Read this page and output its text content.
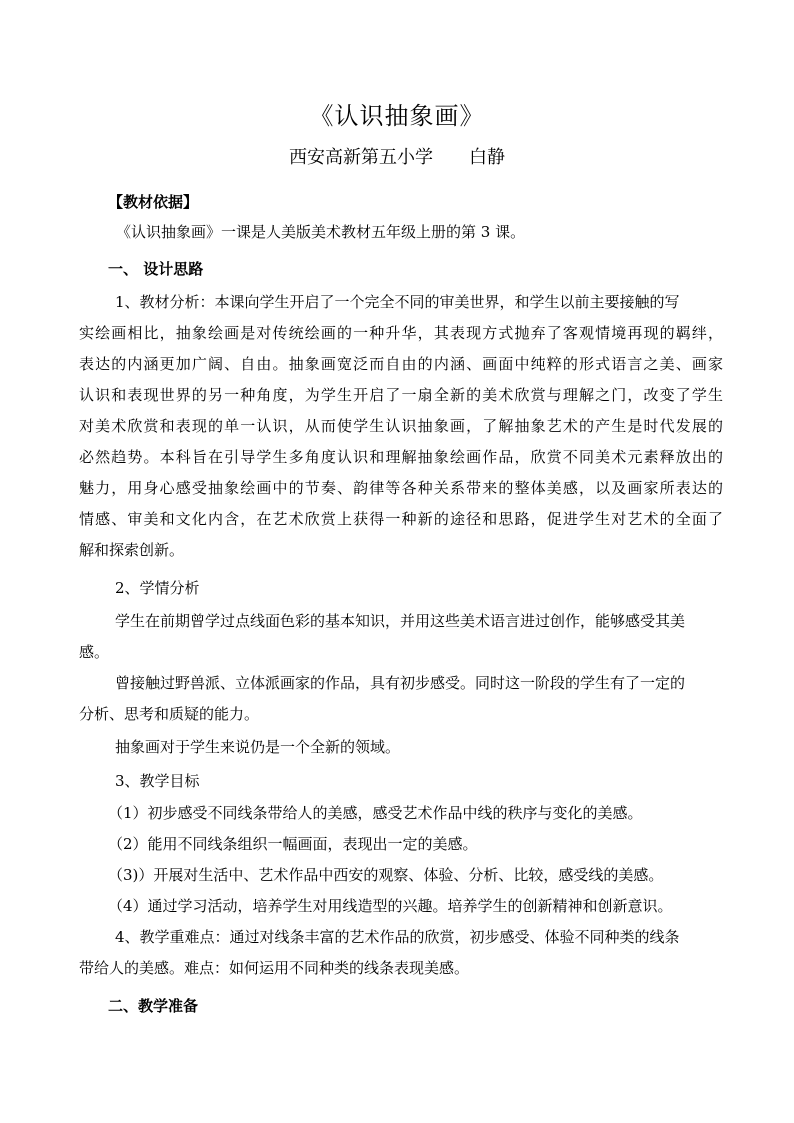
《认识抽象画》
西安高新第五小学 白静
【教材依据】
《认识抽象画》一课是人美版美术教材五年级上册的第 3 课。
一、 设计思路
1、教材分析：本课向学生开启了一个完全不同的审美世界，和学生以前主要接触的写
实绘画相比，抽象绘画是对传统绘画的一种升华，其表现方式抛弃了客观情境再现的羁绊，
表达的内涵更加广阔、自由。抽象画宽泛而自由的内涵、画面中纯粹的形式语言之美、画家
认识和表现世界的另一种角度，为学生开启了一扇全新的美术欣赏与理解之门，改变了学生
对美术欣赏和表现的单一认识，从而使学生认识抽象画，了解抽象艺术的产生是时代发展的
必然趋势。本科旨在引导学生多角度认识和理解抽象绘画作品，欣赏不同美术元素释放出的
魅力，用身心感受抽象绘画中的节奏、韵律等各种关系带来的整体美感，以及画家所表达的
情感、审美和文化内含，在艺术欣赏上获得一种新的途径和思路，促进学生对艺术的全面了
解和探索创新。
2、学情分析
学生在前期曾学过点线面色彩的基本知识，并用这些美术语言进过创作，能够感受其美
感。
曾接触过野兽派、立体派画家的作品，具有初步感受。同时这一阶段的学生有了一定的
分析、思考和质疑的能力。
抽象画对于学生来说仍是一个全新的领域。
3、教学目标
（1）初步感受不同线条带给人的美感，感受艺术作品中线的秩序与变化的美感。
（2）能用不同线条组织一幅画面，表现出一定的美感。
（3)）开展对生活中、艺术作品中西安的观察、体验、分析、比较，感受线的美感。
（4）通过学习活动，培养学生对用线造型的兴趣。培养学生的创新精神和创新意识。
4、教学重难点：通过对线条丰富的艺术作品的欣赏，初步感受、体验不同种类的线条
带给人的美感。难点：如何运用不同种类的线条表现美感。
二、教学准备
